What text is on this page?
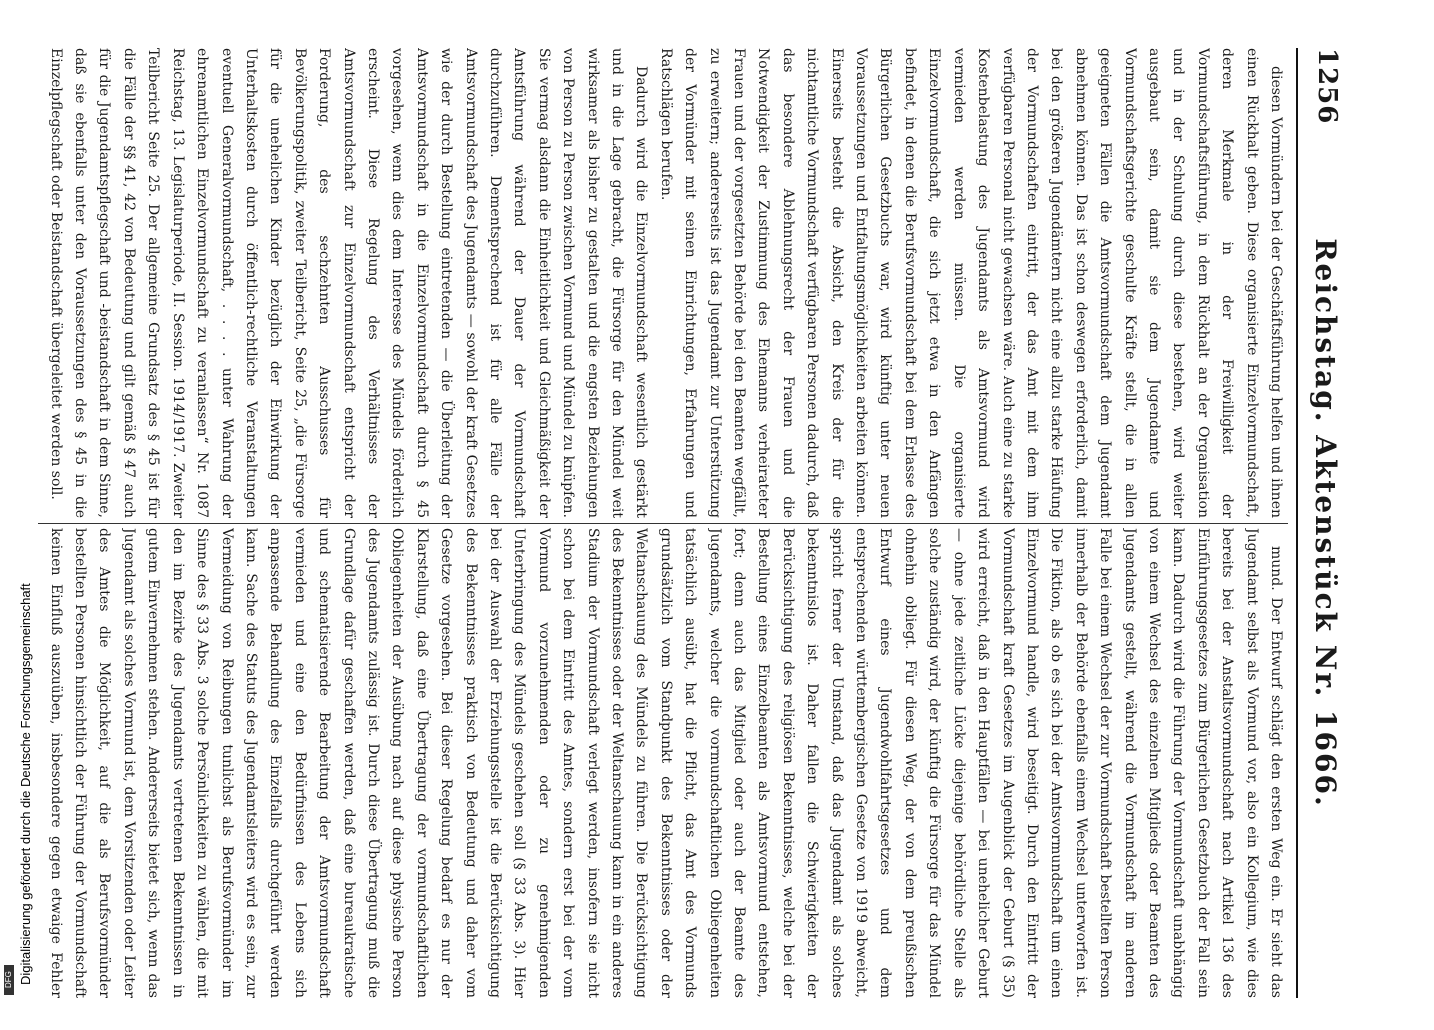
1256
Reichstag. Aktenstück Nr. 1666.

diesen Vormündern bei der Geschäftsführung helfen und ihnen einen Rückhalt geben. Diese organisierte Einzelvormundschaft, deren Merkmale in der Freiwilligkeit der Vormundschaftsführung, in dem Rückhalt an der Organisation und in der Schulung durch diese bestehen, wird weiter ausgebaut sein, damit sie dem Jugendamte und Vormundschaftsgerichte geschulte Kräfte stellt, die in allen geeigneten Fällen die Amtsvormundschaft dem Jugendamt abnehmen können. Das ist schon deswegen erforderlich, damit bei den größeren Jugendämtern nicht eine allzu starke Häufung der Vormundschaften eintritt, der das Amt mit dem ihm verfügbaren Personal nicht gewachsen wäre. Auch eine zu starke Kostenbelastung des Jugendamts als Amtsvormund wird vermieden werden müssen. Die organisierte Einzelvormundschaft, die sich jetzt etwa in den Anfängen befindet, in denen die Berufsvormundschaft bei dem Erlasse des Bürgerlichen Gesetzbuchs war, wird künftig unter neuen Voraussetzungen und Entfaltungsmöglichkeiten arbeiten können. Einerseits besteht die Absicht, den Kreis der für die nichtamtliche Vormundschaft verfügbaren Personen dadurch, daß das besondere Ablehnungsrecht der Frauen und die Notwendigkeit der Zustimmung des Ehemanns verheirateter Frauen und der vorgesetzten Behörde bei den Beamten wegfällt, zu erweitern; andererseits ist das Jugendamt zur Unterstützung der Vormünder mit seinen Einrichtungen, Erfahrungen und Ratschlägen berufen.

Dadurch wird die Einzelvormundschaft wesentlich gestärkt und in die Lage gebracht, die Fürsorge für den Mündel weit wirksamer als bisher zu gestalten und die engsten Beziehungen von Person zu Person zwischen Vormund und Mündel zu knüpfen. Sie vermag alsdann die Einheitlichkeit und Gleichmäßigkeit der Amtsführung während der Dauer der Vormundschaft durchzuführen. Dementsprechend ist für alle Fälle der Amtsvormundschaft des Jugendamts — sowohl der kraft Gesetzes wie der durch Bestellung eintretenden — die Überleitung der Amtsvormundschaft in die Einzelvormundschaft durch § 45 vorgesehen, wenn dies dem Interesse des Mündels förderlich erscheint. Diese Regelung des Verhältnisses der Amtsvormundschaft zur Einzelvormundschaft entspricht der Forderung, des sechzehnten Ausschusses für Bevölkerungspolitik, zweiter Teilbericht, Seite 25, „die Fürsorge für die unehelichen Kinder bezüglich der Einwirkung der Unterhaltskosten durch öffentlich-rechtliche Veranstaltungen eventuell Generalvormundschaft, . . . . unter Wahrung der ehrenamtlichen Einzelvormundschaft zu veranlassen“ Nr. 1087 Reichstag, 13. Legislaturperiode, II. Session. 1914/1917. Zweiter Teilbericht Seite 25. Der allgemeine Grundsatz des § 45 ist für die Fälle der §§ 41, 42 von Bedeutung und gilt gemäß § 47 auch für die Jugendamtspflegschaft und -beistandschaft in dem Sinne, daß sie ebenfalls unter den Voraussetzungen des § 45 in die Einzelpflegschaft oder Beistandschaft übergeleitet werden soll.

mund. Der Entwurf schlägt den ersten Weg ein. Er sieht das Jugendamt selbst als Vormund vor, also ein Kollegium, wie dies bereits bei der Anstaltsvormundschaft nach Artikel 136 des Einführungsgesetzes zum Bürgerlichen Gesetzbuch der Fall sein kann. Dadurch wird die Führung der Vormundschaft unabhängig von einem Wechsel des einzelnen Mitglieds oder Beamten des Jugendamts gestellt, während die Vormundschaft im anderen Falle bei einem Wechsel der zur Vormundschaft bestellten Person innerhalb der Behörde ebenfalls einem Wechsel unterworfen ist. Die Fiktion, als ob es sich bei der Amtsvormundschaft um einen Einzelvormund handle, wird beseitigt. Durch den Eintritt der Vormundschaft kraft Gesetzes im Augenblick der Geburt (§ 35) wird erreicht, daß in den Hauptfällen — bei unehelicher Geburt — ohne jede zeitliche Lücke diejenige behördliche Stelle als solche zuständig wird, der künftig die Fürsorge für das Mündel ohnehin obliegt. Für diesen Weg, der von dem preußischen Entwurf eines Jugendwohlfahrtsgesetzes und dem entsprechenden württembergischen Gesetze von 1919 abweicht, spricht ferner der Umstand, daß das Jugendamt als solches bekenntnislos ist. Daher fallen die Schwierigkeiten der Berücksichtigung des religiösen Bekenntnisses, welche bei der Bestellung eines Einzelbeamten als Amtsvormund entstehen, fort; denn auch das Mitglied oder auch der Beamte des Jugendamts, welcher die vormundschaftlichen Obliegenheiten tatsächlich ausübt, hat die Pflicht, das Amt des Vormunds grundsätzlich vom Standpunkt des Bekenntnisses oder der Weltanschauung des Mündels zu führen. Die Berücksichtigung des Bekenntnisses oder der Weltanschauung kann in ein anderes Stadium der Vormundschaft verlegt werden, insofern sie nicht schon bei dem Eintritt des Amtes, sondern erst bei der vom Vormund vorzunehmenden oder zu genehmigenden Unterbringung des Mündels geschehen soll (§ 33 Abs. 3). Hier bei der Auswahl der Erziehungsstelle ist die Berücksichtigung des Bekenntnisses praktisch von Bedeutung und daher vom Gesetze vorgesehen. Bei dieser Regelung bedarf es nur der Klarstellung, daß eine Übertragung der vormundschaftlichen Obliegenheiten der Ausübung nach auf diese physische Person des Jugendamts zulässig ist. Durch diese Übertragung muß die Grundlage dafür geschaffen werden, daß eine bureaukratische und schematisierende Bearbeitung der Amtsvormundschaft vermieden und eine den Bedürfnissen des Lebens sich anpassende Behandlung des Einzelfalls durchgeführt werden kann. Sache des Statuts des Jugendamtsleiters wird es sein, zur Vermeidung von Reibungen tunlichst als Berufsvormünder im Sinne des § 33 Abs. 3 solche Persönlichkeiten zu wählen, die mit den im Bezirke des Jugendamts vertretenen Bekenntnissen in gutem Einvernehmen stehen. Andererseits bietet sich, wenn das Jugendamt als solches Vormund ist, dem Vorsitzenden oder Leiter des Amtes die Möglichkeit, auf die als Berufsvormünder bestellten Personen hinsichtlich der Führung der Vormundschaft keinen Einfluß auszuüben, insbesondere gegen etwaige Fehler

Digitalisierung gefördert durch die Deutsche Forschungsgemeinschaft
DFG
